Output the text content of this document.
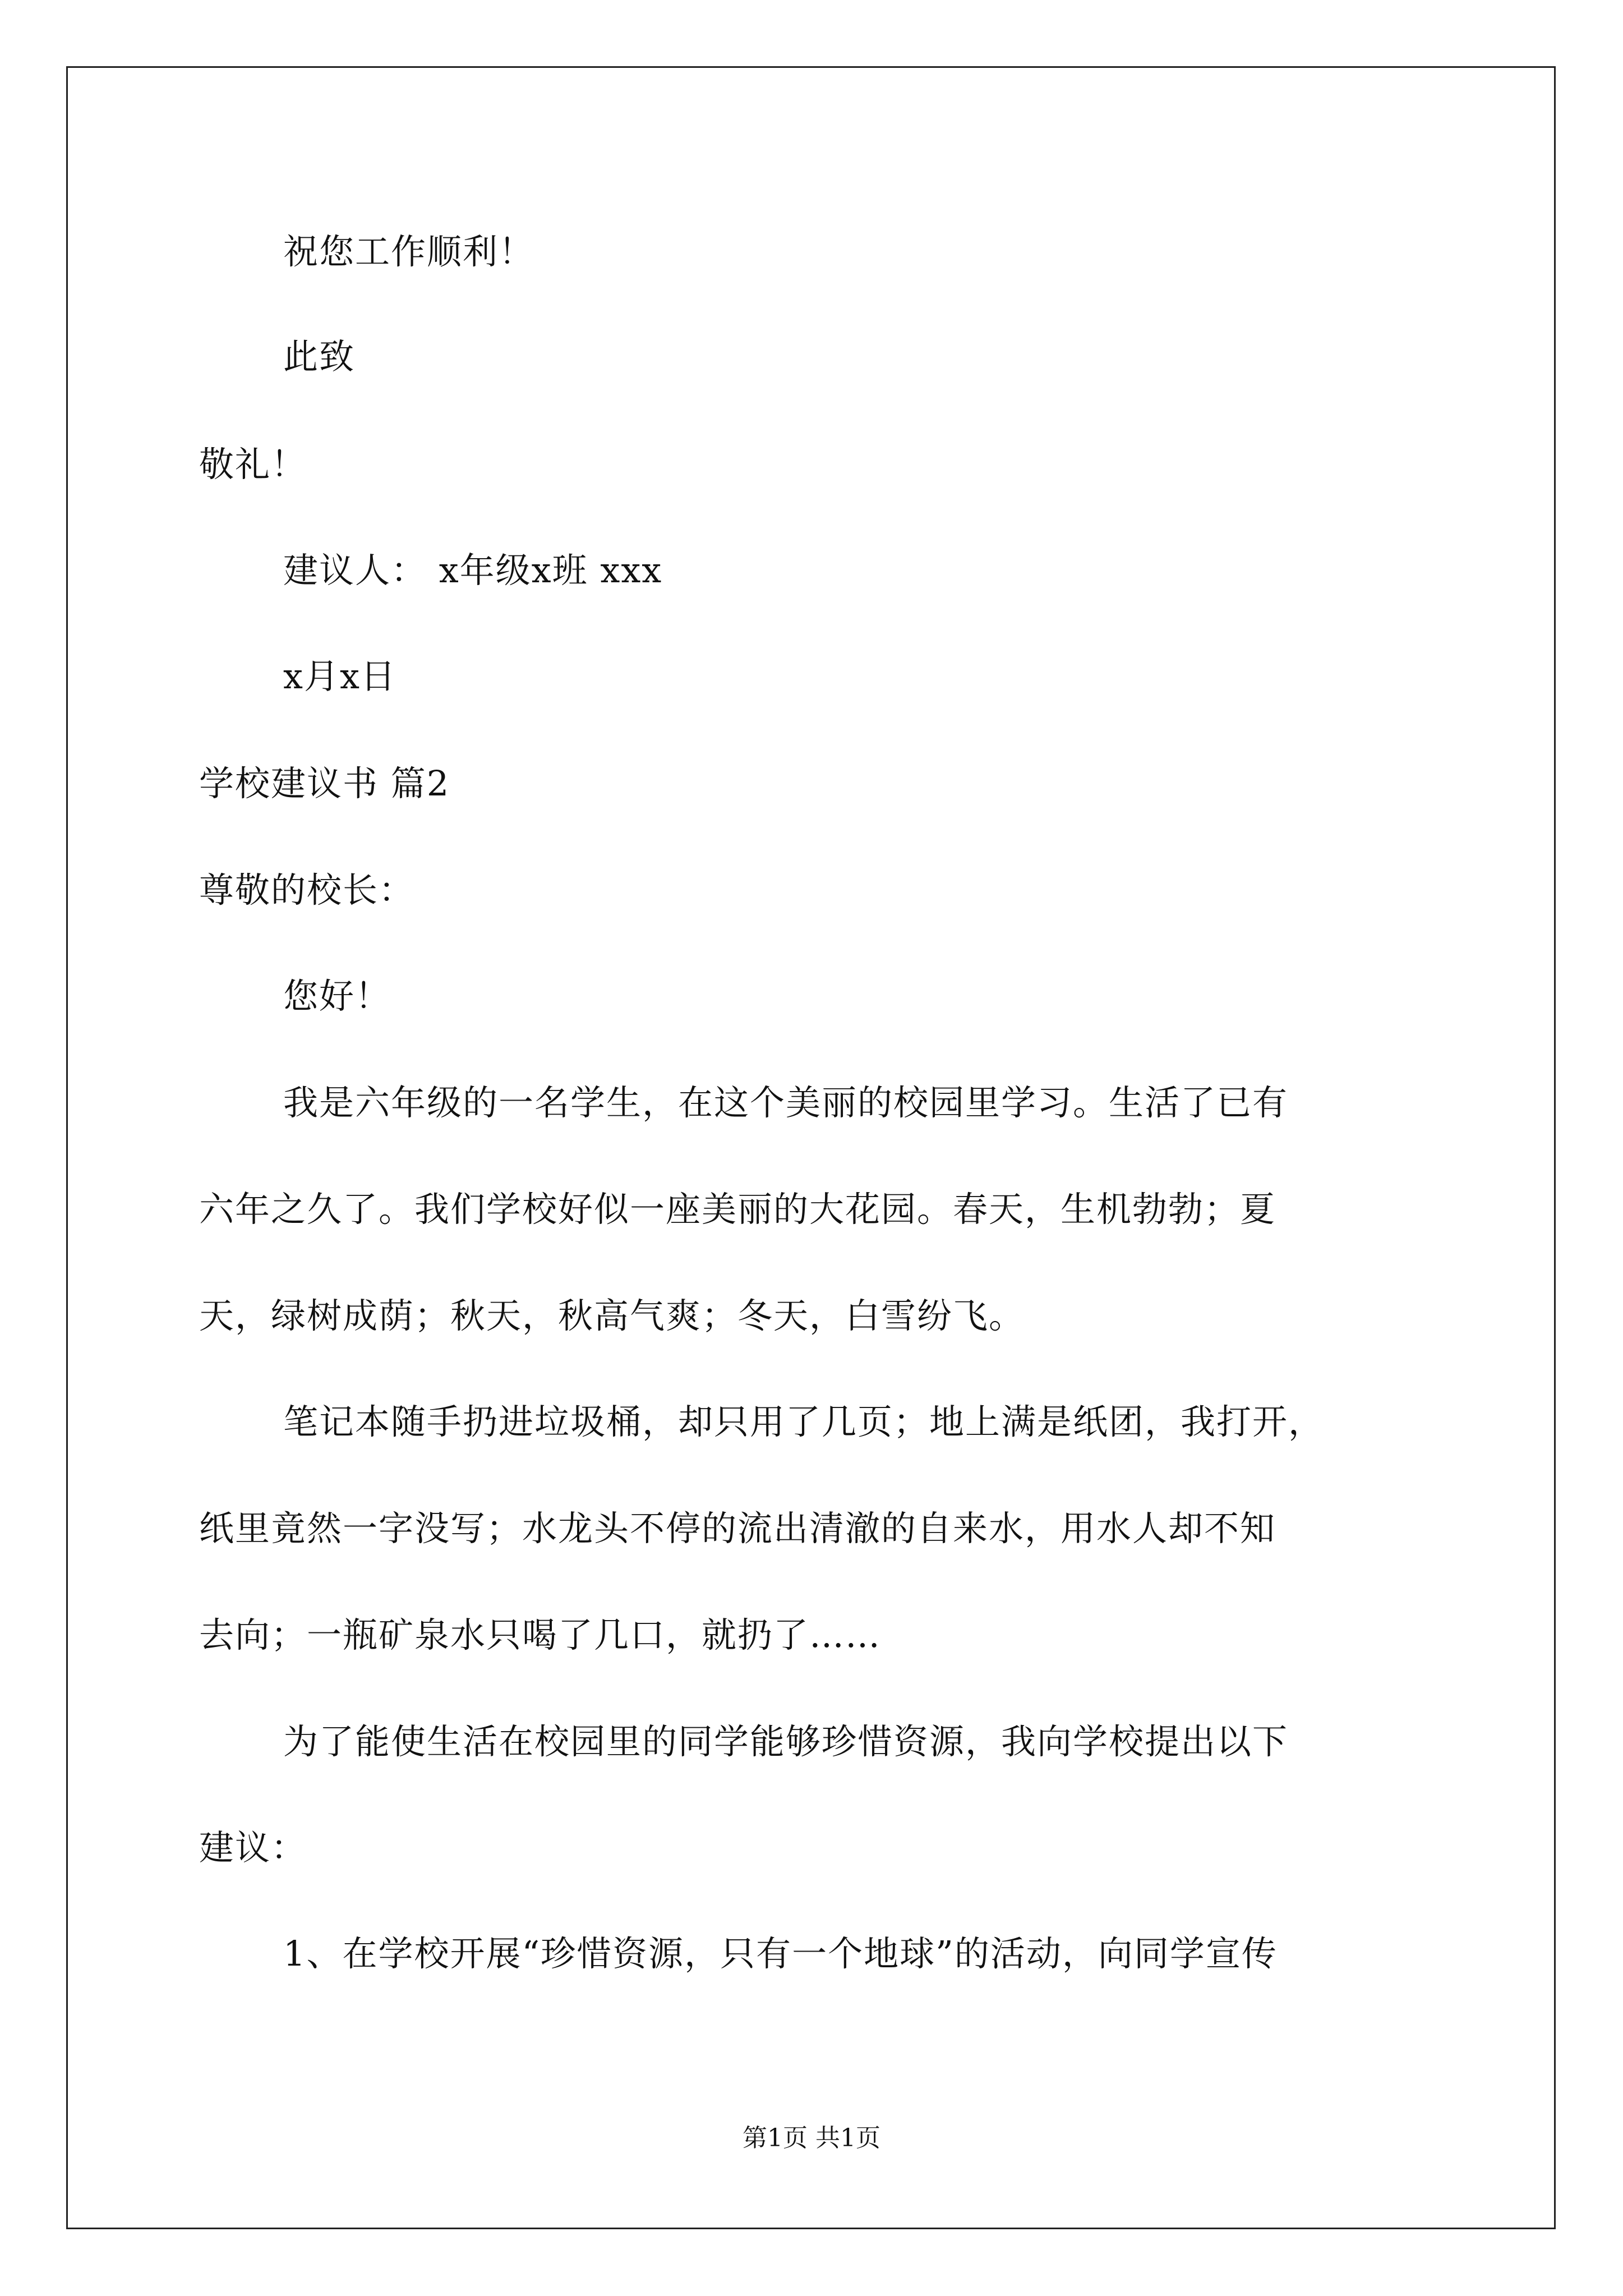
祝您工作顺利！
此致
敬礼！
建议人： x年级x班 xxx
x月x日
学校建议书 篇2
尊敬的校长：
您好！
我是六年级的一名学生，在这个美丽的校园里学习。生活了已有
六年之久了。我们学校好似一座美丽的大花园。春天，生机勃勃；夏
天，绿树成荫；秋天，秋高气爽；冬天，白雪纷飞。
笔记本随手扔进垃圾桶，却只用了几页；地上满是纸团，我打开，
纸里竟然一字没写；水龙头不停的流出清澈的自来水，用水人却不知
去向；一瓶矿泉水只喝了几口，就扔了……
为了能使生活在校园里的同学能够珍惜资源，我向学校提出以下
建议：
1、在学校开展“珍惜资源，只有一个地球”的活动，向同学宣传
第1页 共1页
